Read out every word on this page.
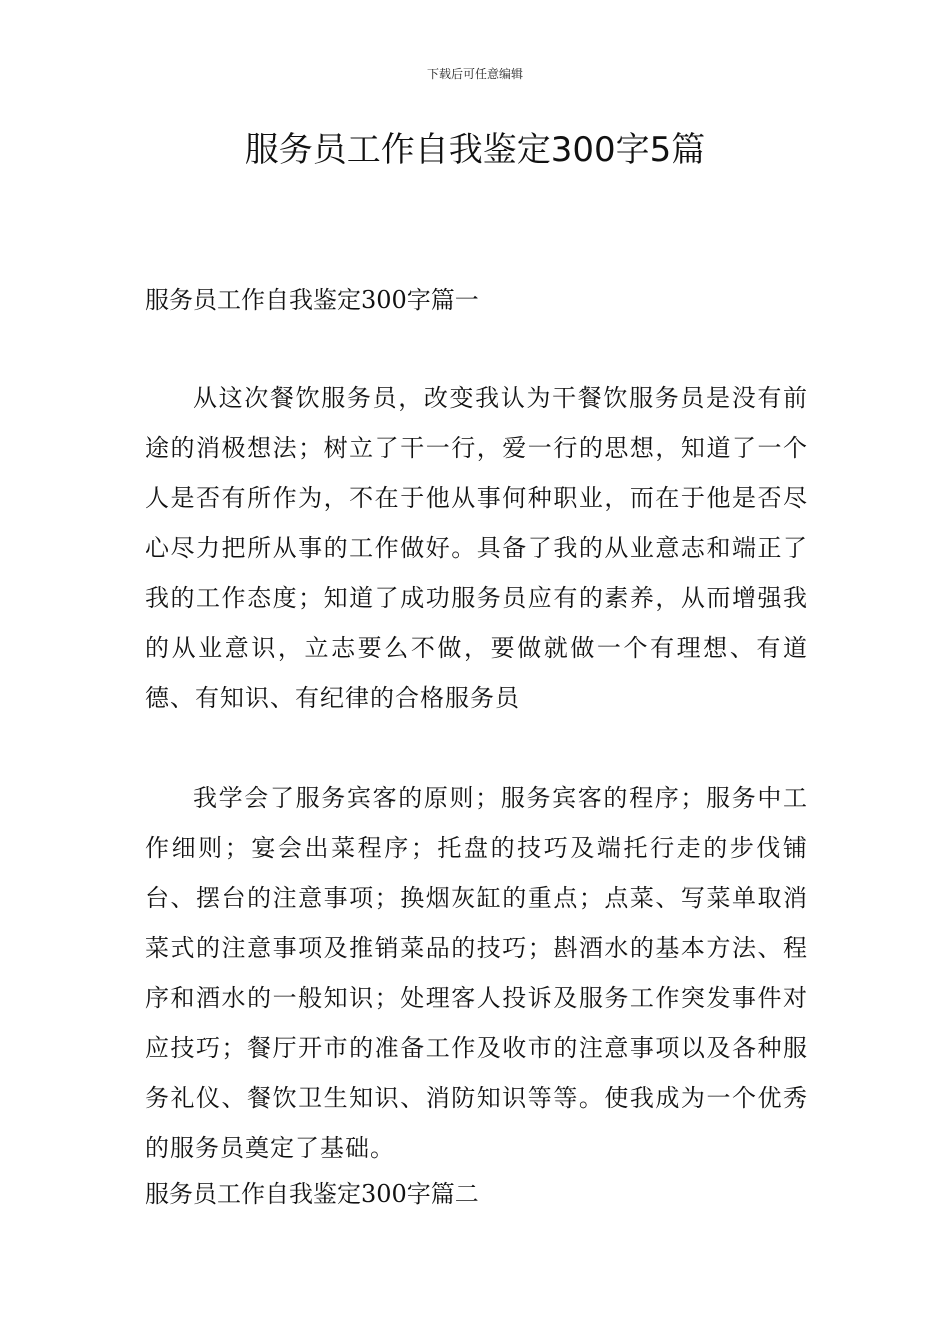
下载后可任意编辑
服务员工作自我鉴定300字5篇
服务员工作自我鉴定300字篇一

从这次餐饮服务员，改变我认为干餐饮服务员是没有前途的消极想法；树立了干一行，爱一行的思想，知道了一个人是否有所作为，不在于他从事何种职业，而在于他是否尽心尽力把所从事的工作做好。具备了我的从业意志和端正了我的工作态度；知道了成功服务员应有的素养，从而增强我的从业意识，立志要么不做，要做就做一个有理想、有道德、有知识、有纪律的合格服务员

我学会了服务宾客的原则；服务宾客的程序；服务中工作细则；宴会出菜程序；托盘的技巧及端托行走的步伐铺台、摆台的注意事项；换烟灰缸的重点；点菜、写菜单取消菜式的注意事项及推销菜品的技巧；斟酒水的基本方法、程序和酒水的一般知识；处理客人投诉及服务工作突发事件对应技巧；餐厅开市的准备工作及收市的注意事项以及各种服务礼仪、餐饮卫生知识、消防知识等等。使我成为一个优秀的服务员奠定了基础。

服务员工作自我鉴定300字篇二
